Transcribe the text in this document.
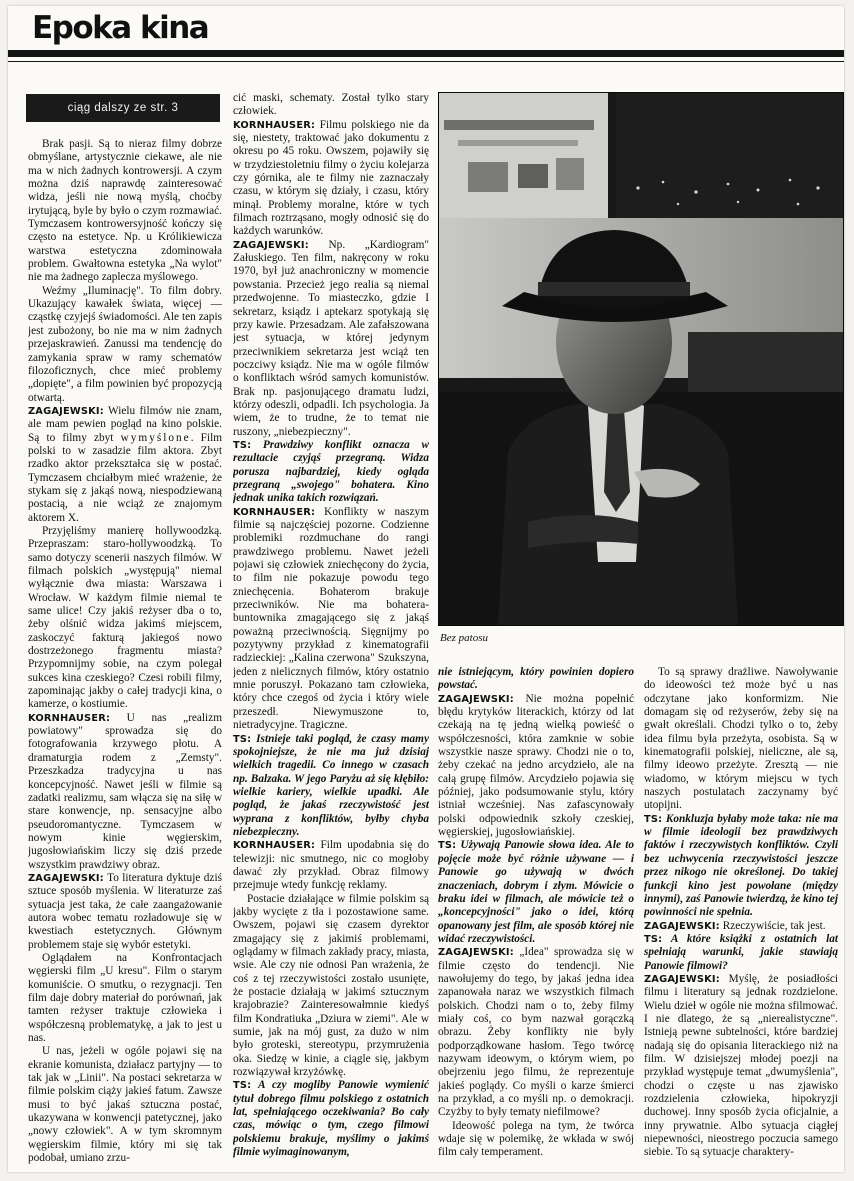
Epoka kina
ciąg dalszy ze str. 3

Brak pasji. Są to nieraz filmy dobrze obmyślane, artystycznie ciekawe, ale nie ma w nich żadnych kontrowersji. A czym można dziś naprawdę zainteresować widza, jeśli nie nową myślą, choćby irytującą, byle by było o czym rozmawiać. Tymczasem kontrowersyjność kończy się często na estetyce. Np. u Królikiewicza warstwa estetyczna zdominowała problem. Gwałtowna estetyka „Na wylot" nie ma żadnego zaplecza myślowego.

Weźmy „Iluminację". To film dobry. Ukazujący kawałek świata, więcej — cząstkę czyjejś świadomości. Ale ten zapis jest zubożony, bo nie ma w nim żadnych przejaskrawień. Zanussi ma tendencję do zamykania spraw w ramy schematów filozoficznych, chce mieć problemy „dopięte", a film powinien być propozycją otwartą.

ZAGAJEWSKI: Wielu filmów nie znam, ale mam pewien pogląd na kino polskie. Są to filmy zbyt wymyślone. Film polski to w zasadzie film aktora. Zbyt rzadko aktor przekształca się w postać. Tymczasem chciałbym mieć wrażenie, że stykam się z jakąś nową, niespodziewaną postacią, a nie wciąż ze znajomym aktorem X.

Przyjęliśmy manierę hollywoodzką. Przepraszam: staro-hollywoodzką. To samo dotyczy scenerii naszych filmów. W filmach polskich „występują" niemal wyłącznie dwa miasta: Warszawa i Wrocław. W każdym filmie niemal te same ulice! Czy jakiś reżyser dba o to, żeby olśnić widza jakimś miejscem, zaskoczyć fakturą jakiegoś nowo dostrzeżonego fragmentu miasta? Przypomnijmy sobie, na czym polegał sukces kina czeskiego? Czesi robili filmy, zapominając jakby o całej tradycji kina, o kamerze, o kostiumie.

KORNHAUSER: U nas „realizm powiatowy" sprowadza się do fotografowania krzywego płotu. A dramaturgia rodem z „Zemsty". Przeszkadza tradycyjna u nas koncepcyjność. Nawet jeśli w filmie są zadatki realizmu, sam włącza się na siłę w stare konwencje, np. sensacyjne albo pseudoromantyczne. Tymczasem w nowym kinie węgierskim, jugosłowiańskim liczy się dziś przede wszystkim prawdziwy obraz.

ZAGAJEWSKI: To literatura dyktuje dziś sztuce sposób myślenia. W literaturze zaś sytuacja jest taka, że całe zaangażowanie autora wobec tematu rozładowuje się w kwestiach estetycznych. Głównym problemem staje się wybór estetyki.

Oglądałem na Konfrontacjach węgierski film „U kresu". Film o starym komuniście. O smutku, o rezygnacji. Ten film daje dobry materiał do porównań, jak tamten reżyser traktuje człowieka i współczesną problematykę, a jak to jest u nas.

U nas, jeżeli w ogóle pojawi się na ekranie komunista, działacz partyjny — to tak jak w „Linii". Na postaci sekretarza w filmie polskim ciąży jakieś fatum. Zawsze musi to być jakaś sztuczna postać, ukazywana w konwencji patetycznej, jako „nowy człowiek". A w tym skromnym węgierskim filmie, który mi się tak podobał, umiano zrzu-

cić maski, schematy. Został tylko stary człowiek.

KORNHAUSER: Filmu polskiego nie da się, niestety, traktować jako dokumentu z okresu po 45 roku. Owszem, pojawiły się w trzydziestoletniu filmy o życiu kolejarza czy górnika, ale te filmy nie zaznaczały czasu, w którym się działy, i czasu, który minął. Problemy moralne, które w tych filmach roztrząsano, mogły odnosić się do każdych warunków.

ZAGAJEWSKI: Np. „Kardiogram" Załuskiego. Ten film, nakręcony w roku 1970, był już anachroniczny w momencie powstania. Przecież jego realia są niemal przedwojenne. To miasteczko, gdzie I sekretarz, ksiądz i aptekarz spotykają się przy kawie. Przesadzam. Ale zafałszowana jest sytuacja, w której jedynym przeciwnikiem sekretarza jest wciąż ten poczciwy ksiądz. Nie ma w ogóle filmów o konfliktach wśród samych komunistów. Brak np. pasjonującego dramatu ludzi, którzy odeszli, odpadli. Ich psychologia. Ja wiem, że to trudne, że to temat nie ruszony, „niebezpieczny".

TS: Prawdziwy konflikt oznacza w rezultacie czyjąś przegraną. Widza porusza najbardziej, kiedy ogląda przegraną „swojego" bohatera. Kino jednak unika takich rozwiązań.

KORNHAUSER: Konflikty w naszym filmie są najczęściej pozorne. Codzienne problemiki rozdmuchane do rangi prawdziwego problemu. Nawet jeżeli pojawi się człowiek zniechęcony do życia, to film nie pokazuje powodu tego zniechęcenia. Bohaterom brakuje przeciwników. Nie ma bohatera-buntownika zmagającego się z jakąś poważną przeciwnością. Sięgnijmy po pozytywny przykład z kinematografii radzieckiej: „Kalina czerwona" Szukszyna, jeden z nielicznych filmów, który ostatnio mnie poruszył. Pokazano tam człowieka, który chce czegoś od życia i który wiele przeszedł. Niewymuszone to, nietradycyjne. Tragiczne.

TS: Istnieje taki pogląd, że czasy mamy spokojniejsze, że nie ma już dzisiaj wielkich tragedii. Co innego w czasach np. Balzaka. W jego Paryżu aż się kłębiło: wielkie kariery, wielkie upadki. Ale pogląd, że jakaś rzeczywistość jest wyprana z konfliktów, byłby chyba niebezpieczny.

KORNHAUSER: Film upodabnia się do telewizji: nic smutnego, nic co mogłoby dawać zły przykład. Obraz filmowy przejmuje wtedy funkcję reklamy.

Postacie działające w filmie polskim są jakby wycięte z tła i pozostawione same. Owszem, pojawi się czasem dyrektor zmagający się z jakimiś problemami, oglądamy w filmach zakłady pracy, miasta, wsie. Ale czy nie odnosi Pan wrażenia, że coś z tej rzeczywistości zostało usunięte, że postacie działają w jakimś sztucznym krajobrazie? Zainteresowałmnie kiedyś film Kondratiuka „Dziura w ziemi". Ale w sumie, jak na mój gust, za dużo w nim było groteski, stereotypu, przymrużenia oka. Siedzę w kinie, a ciągle się, jakbym rozwiązywał krzyżówkę.

TS: A czy mogliby Panowie wymienić tytuł dobrego filmu polskiego z ostatnich lat, spełniającego oczekiwania? Bo cały czas, mówiąc o tym, czego filmowi polskiemu brakuje, myślimy o jakimś filmie wyimaginowanym,

Bez patosu

nie istniejącym, który powinien dopiero powstać.

ZAGAJEWSKI: Nie można popełnić błędu krytyków literackich, którzy od lat czekają na tę jedną wielką powieść o współczesności, która zamknie w sobie wszystkie nasze sprawy. Chodzi nie o to, żeby czekać na jedno arcydzieło, ale na całą grupę filmów. Arcydzieło pojawia się później, jako podsumowanie stylu, który istniał wcześniej. Nas zafascynowały polski odpowiednik szkoły czeskiej, węgierskiej, jugosłowiańskiej.

TS: Używają Panowie słowa idea. Ale to pojęcie może być różnie używane — i Panowie go używają w dwóch znaczeniach, dobrym i złym. Mówicie o braku idei w filmach, ale mówicie też o „koncepcyjności" jako o idei, którą opanowany jest film, ale sposób której nie widać rzeczywistości.

ZAGAJEWSKI: „Idea" sprowadza się w filmie często do tendencji. Nie nawołujemy do tego, by jakaś jedna idea zapanowała naraz we wszystkich filmach polskich. Chodzi nam o to, żeby filmy miały coś, co bym nazwał gorączką obrazu. Żeby konflikty nie były podporządkowane hasłom. Tego twórcę nazywam ideowym, o którym wiem, po obejrzeniu jego filmu, że reprezentuje jakieś poglądy. Co myśli o karze śmierci na przykład, a co myśli np. o demokracji. Czyżby to były tematy niefilmowe?

Ideowość polega na tym, że twórca wdaje się w polemikę, że wkłada w swój film cały temperament.

To są sprawy drażliwe. Nawoływanie do ideowości też może być u nas odczytane jako konformizm. Nie domagam się od reżyserów, żeby się na gwałt określali. Chodzi tylko o to, żeby idea filmu była przeżyta, osobista. Są w kinematografii polskiej, nieliczne, ale są, filmy ideowo przeżyte. Zresztą — nie wiadomo, w którym miejscu w tych naszych postulatach zaczynamy być utopijni.

TS: Konkluzja byłaby może taka: nie ma w filmie ideologii bez prawdziwych faktów i rzeczywistych konfliktów. Czyli bez uchwycenia rzeczywistości jeszcze przez nikogo nie określonej. Do takiej funkcji kino jest powołane (między innymi), zaś Panowie twierdzą, że kino tej powinności nie spełnia.

ZAGAJEWSKI: Rzeczywiście, tak jest.

TS: A które książki z ostatnich lat spełniają warunki, jakie stawiają Panowie filmowi?

ZAGAJEWSKI: Myślę, że posiadłości filmu i literatury są jednak rozdzielone. Wielu dzieł w ogóle nie można sfilmować. I nie dlatego, że są „nierealistyczne". Istnieją pewne subtelności, które bardziej nadają się do opisania literackiego niż na film. W dzisiejszej młodej poezji na przykład występuje temat „dwumyślenia", chodzi o częste u nas zjawisko rozdzielenia człowieka, hipokryzji duchowej. Inny sposób życia oficjalnie, a inny prywatnie. Albo sytuacja ciągłej niepewności, nieostrego poczucia samego siebie. To są sytuacje charaktery-
